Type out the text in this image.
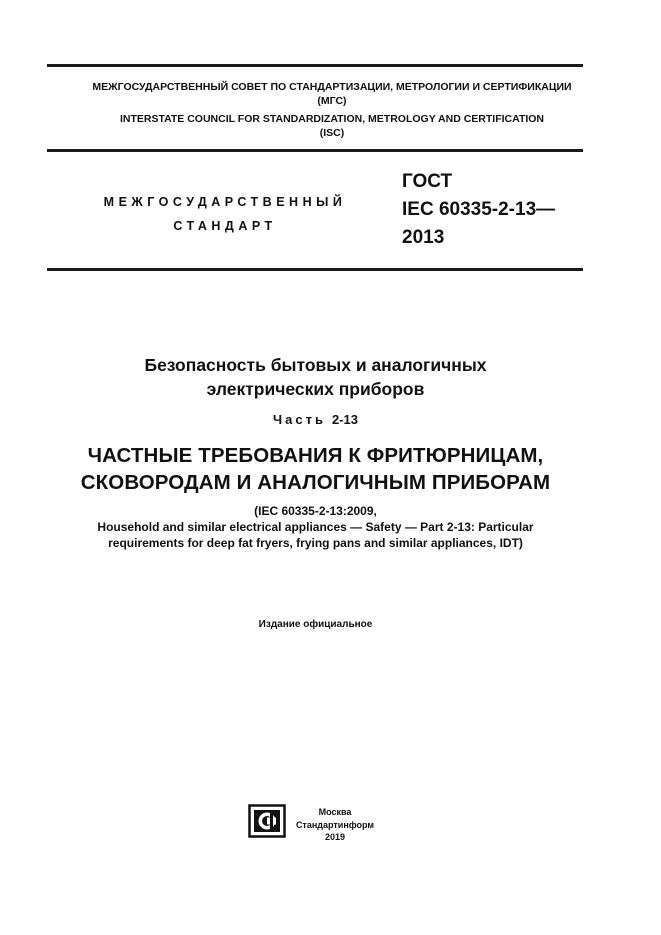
МЕЖГОСУДАРСТВЕННЫЙ СОВЕТ ПО СТАНДАРТИЗАЦИИ, МЕТРОЛОГИИ И СЕРТИФИКАЦИИ
(МГС)
INTERSTATE COUNCIL FOR STANDARDIZATION, METROLOGY AND CERTIFICATION
(ISC)
МЕЖГОСУДАРСТВЕННЫЙ
СТАНДАРТ
ГОСТ
IEC 60335-2-13—
2013
Безопасность бытовых и аналогичных
электрических приборов
Часть 2-13
ЧАСТНЫЕ ТРЕБОВАНИЯ К ФРИТЮРНИЦАМ,
СКОВОРОДАМ И АНАЛОГИЧНЫМ ПРИБОРАМ
(IEC 60335-2-13:2009,
Household and similar electrical appliances — Safety — Part 2-13: Particular
requirements for deep fat fryers, frying pans and similar appliances, IDT)
Издание официальное
Москва
Стандартинформ
2019
